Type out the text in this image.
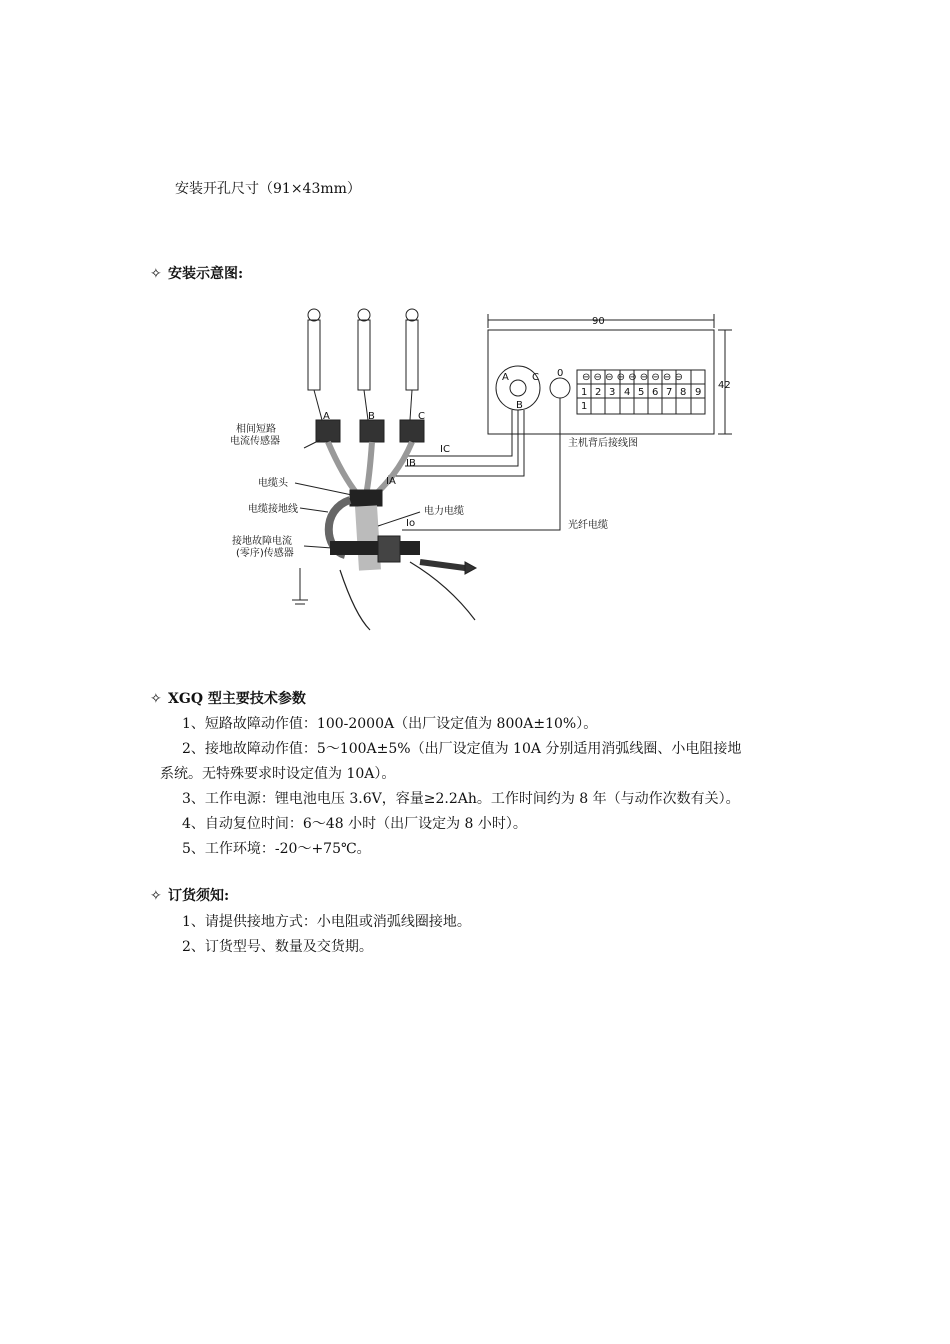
安装开孔尺寸（91×43mm）
✧ 安装示意图:
90
42
A
B
C 0
1 2 3 4 5 6 7 8 9
1
⊖ ⊖ ⊖ ⊖ ⊖ ⊖ ⊖ ⊖ ⊖
主机背后接线图
相间短路
电流传感器
电缆头
电缆接地线
接地故障电流
(零序)传感器
电力电缆
光纤电缆
A	B	C
IA
IB
IC
Io
✧ XGQ 型主要技术参数
1、短路故障动作值：100-2000A（出厂设定值为 800A±10%）。
2、接地故障动作值：5～100A±5%（出厂设定值为 10A 分别适用消弧线圈、小电阻接地
系统。无特殊要求时设定值为 10A）。
3、工作电源：锂电池电压 3.6V，容量≥2.2Ah。工作时间约为 8 年（与动作次数有关）。
4、自动复位时间：6～48 小时（出厂设定为 8 小时）。
5、工作环境：-20～+75℃。
✧ 订货须知:
1、请提供接地方式：小电阻或消弧线圈接地。
2、订货型号、数量及交货期。
